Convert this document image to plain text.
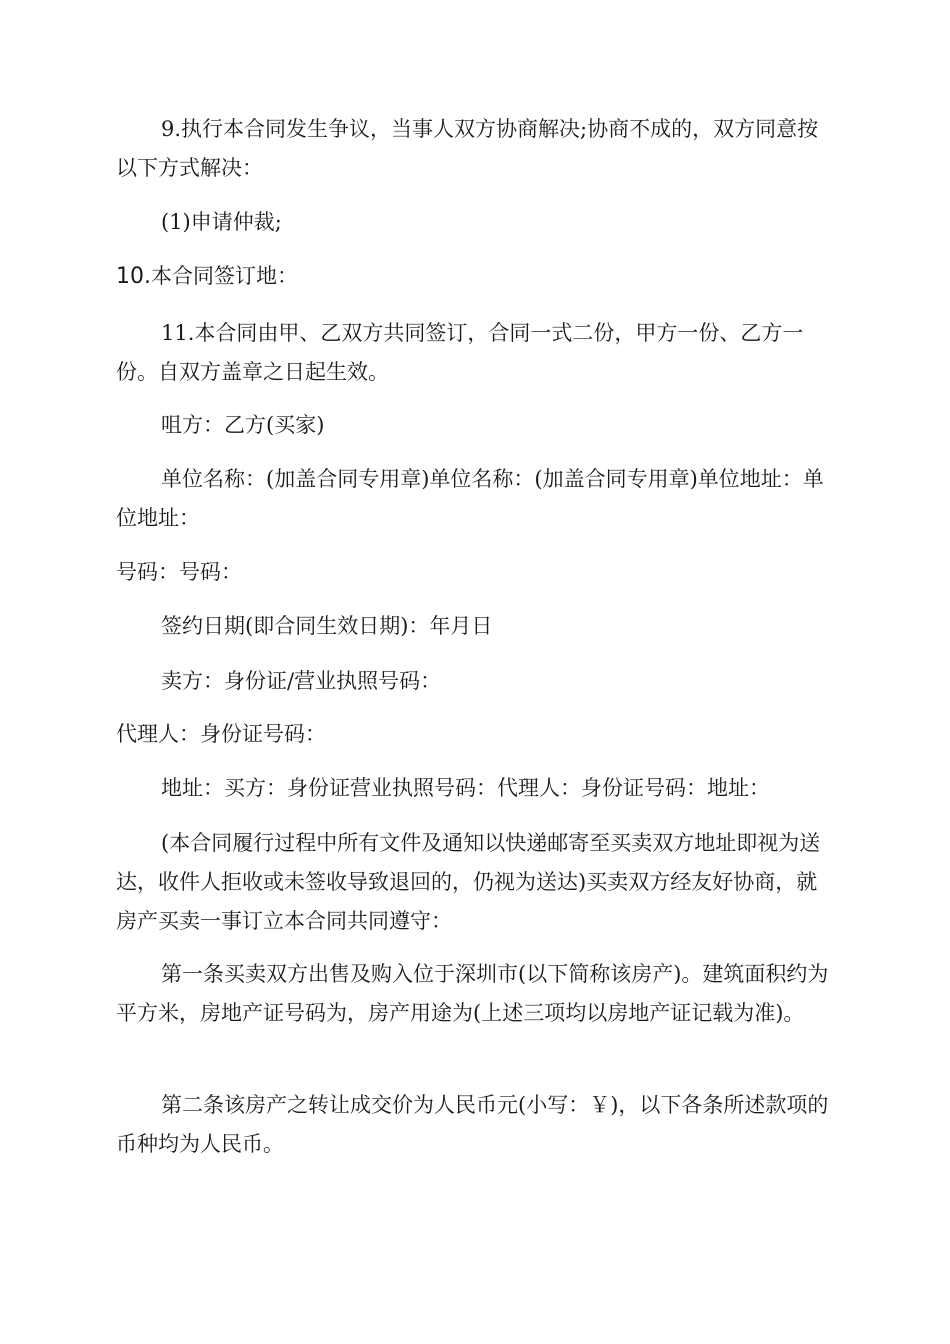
9.执行本合同发生争议，当事人双方协商解决;协商不成的，双方同意按以下方式解决：

(1)申请仲裁;

10.本合同签订地：

11.本合同由甲、乙双方共同签订，合同一式二份，甲方一份、乙方一份。自双方盖章之日起生效。

咀方：乙方(买家)

单位名称：(加盖合同专用章)单位名称：(加盖合同专用章)单位地址：单位地址：

号码：号码：

签约日期(即合同生效日期)：年月日

卖方：身份证/营业执照号码：

代理人：身份证号码：

地址：买方：身份证营业执照号码：代理人：身份证号码：地址：

(本合同履行过程中所有文件及通知以快递邮寄至买卖双方地址即视为送达，收件人拒收或未签收导致退回的，仍视为送达)买卖双方经友好协商，就房产买卖一事订立本合同共同遵守：

第一条买卖双方出售及购入位于深圳市(以下简称该房产)。建筑面积约为平方米，房地产证号码为，房产用途为(上述三项均以房地产证记载为准)。

第二条该房产之转让成交价为人民币元(小写：￥)，以下各条所述款项的币种均为人民币。
